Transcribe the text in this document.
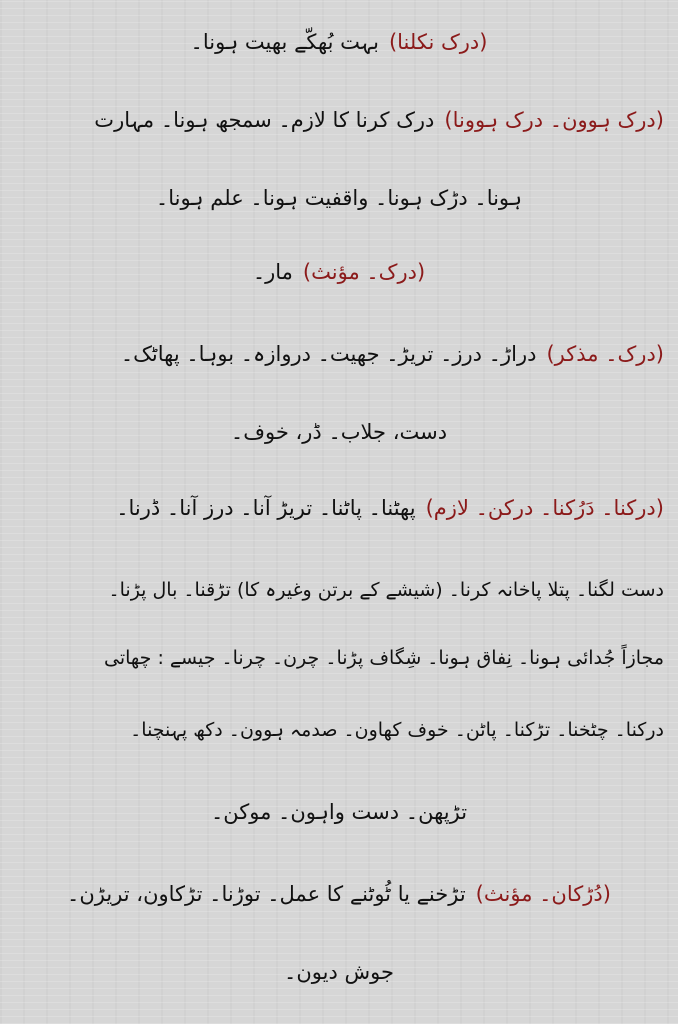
(درک نکلنا)بہت بُھکّے بھیت ہونا۔
(درک ہوون۔ درک ہوونا)درک کرنا کا لازم۔ سمجھ ہونا۔ مہارت
ہونا۔ دڑک ہونا۔ واقفیت ہونا۔ علم ہونا۔
(درک۔ مؤنث)مار۔
(درک۔ مذکر)دراڑ۔ درز۔ تریڑ۔ جھیت۔ دروازہ۔ بوہا۔ پھاٹک۔
دست، جلاب۔ ڈر، خوف۔
(درکنا۔ دَرُکنا۔ درکن۔ لازم)پھٹنا۔ پاٹنا۔ تریڑ آنا۔ درز آنا۔ ڈرنا۔
دست لگنا۔ پتلا پاخانہ کرنا۔ (شیشے کے برتن وغیرہ کا) تڑقنا۔ بال پڑنا۔
مجازاً جُدائی ہونا۔ نِفاق ہونا۔ شِگاف پڑنا۔ چرن۔ چرنا۔ جیسے : چھاتی
درکنا۔ چٹخنا۔ تڑکنا۔ پاٹن۔ خوف کھاون۔ صدمہ ہوون۔ دکھ پہنچنا۔
تڑپھن۔ دست واہون۔ موکن۔
(دُڑکان۔ مؤنث)تڑخنے یا ٹُوٹنے کا عمل۔ توڑنا۔ تڑکاون، تریڑن۔
جوش دیون۔
